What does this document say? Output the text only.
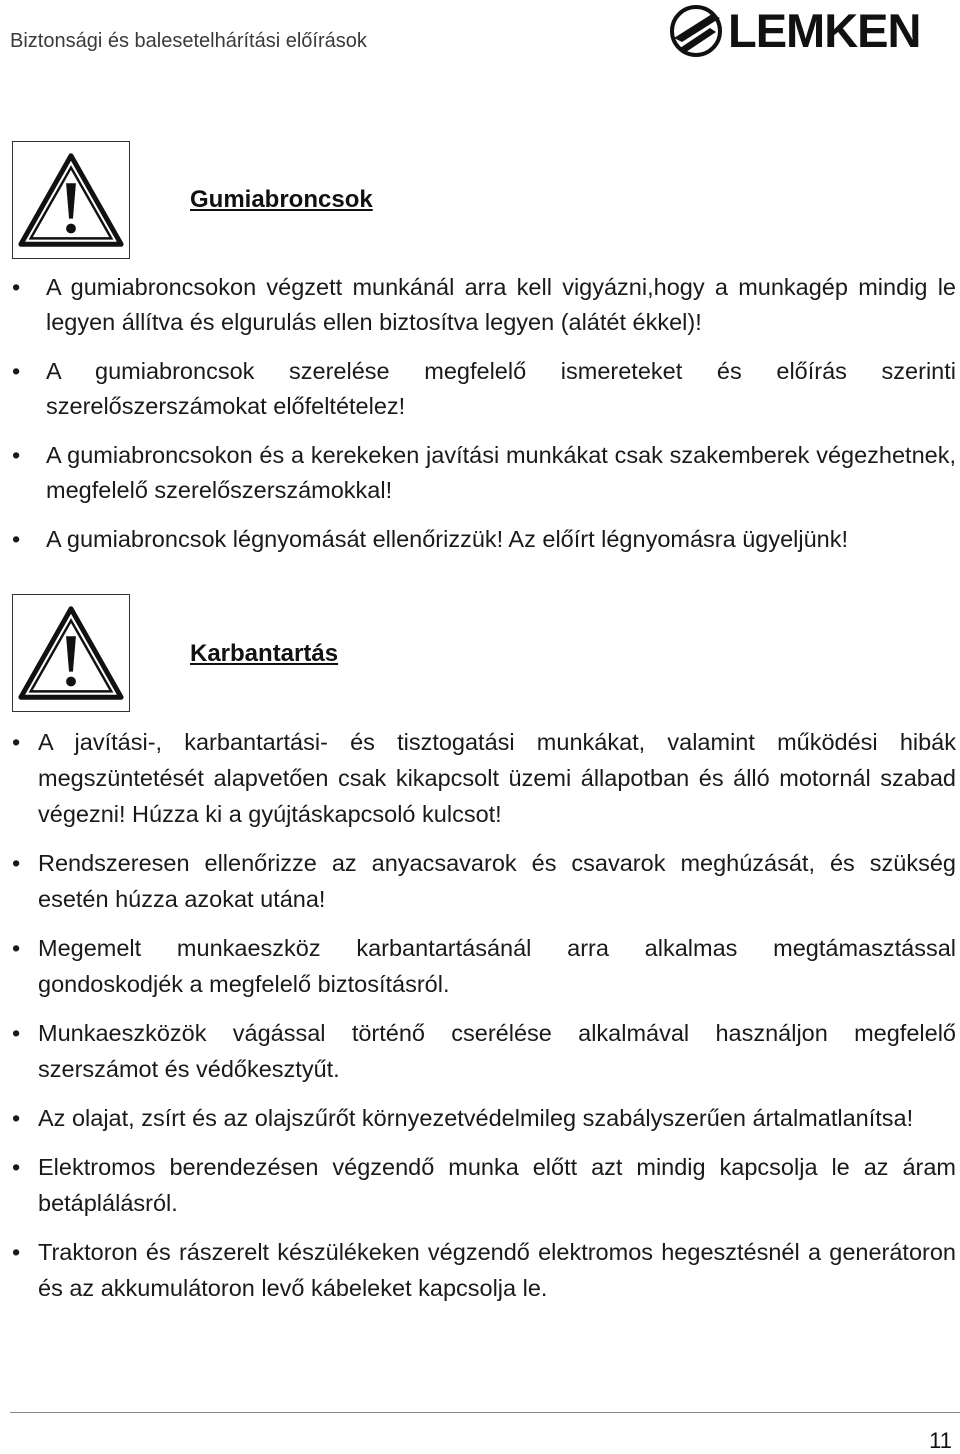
Biztonsági és balesetelhárítási előírások	LEMKEN
Gumiabroncsok
• A gumiabroncsokon végzett munkánál arra kell vigyázni,hogy a munkagép mindig le legyen állítva és elgurulás ellen biztosítva legyen (alátét ékkel)!
• A gumiabroncsok szerelése megfelelő ismereteket és előírás szerinti szerelőszerszámokat előfeltételez!
• A gumiabroncsokon és a kerekeken javítási munkákat csak szakemberek végezhetnek, megfelelő szerelőszerszámokkal!
• A gumiabroncsok légnyomását ellenőrizzük! Az előírt légnyomásra ügyeljünk!
Karbantartás
• A javítási-, karbantartási- és tisztogatási munkákat, valamint működési hibák megszüntetését alapvetően csak kikapcsolt üzemi állapotban és álló motornál szabad végezni! Húzza ki a gyújtáskapcsoló kulcsot!
• Rendszeresen ellenőrizze az anyacsavarok és csavarok meghúzását, és szükség esetén húzza azokat utána!
• Megemelt munkaeszköz karbantartásánál arra alkalmas megtámasztással gondoskodjék a megfelelő biztosításról.
• Munkaeszközök vágással történő cserélése alkalmával használjon megfelelő szerszámot és védőkesztyűt.
• Az olajat, zsírt és az olajszűrőt környezetvédelmileg szabályszerűen ártalmatlanítsa!
• Elektromos berendezésen végzendő munka előtt azt mindig kapcsolja le az áram betáplálásról.
• Traktoron és rászerelt készülékeken végzendő elektromos hegesztésnél a generátoron és az akkumulátoron levő kábeleket kapcsolja le.
11
